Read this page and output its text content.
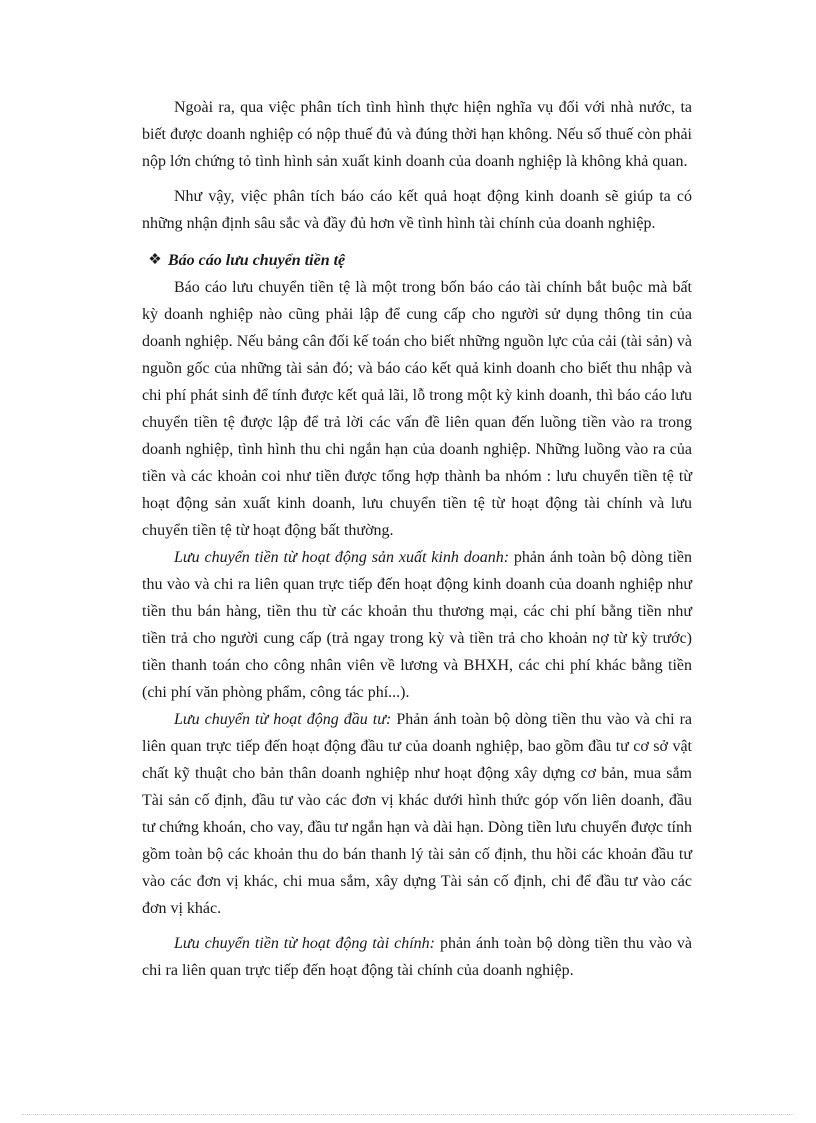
Ngoài ra, qua việc phân tích tình hình thực hiện nghĩa vụ đối với nhà nước, ta biết được doanh nghiệp có nộp thuế đủ và đúng thời hạn không. Nếu số thuế còn phải nộp lớn chứng tỏ tình hình sản xuất kinh doanh của doanh nghiệp là không khả quan.

Như vậy, việc phân tích báo cáo kết quả hoạt động kinh doanh sẽ giúp ta có những nhận định sâu sắc và đầy đủ hơn về tình hình tài chính của doanh nghiệp.

❖ Báo cáo lưu chuyển tiền tệ

Báo cáo lưu chuyển tiền tệ là một trong bốn báo cáo tài chính bắt buộc mà bất kỳ doanh nghiệp nào cũng phải lập để cung cấp cho người sử dụng thông tin của doanh nghiệp. Nếu bảng cân đối kế toán cho biết những nguồn lực của cải (tài sản) và nguồn gốc của những tài sản đó; và báo cáo kết quả kinh doanh cho biết thu nhập và chi phí phát sinh để tính được kết quả lãi, lỗ trong một kỳ kinh doanh, thì báo cáo lưu chuyển tiền tệ được lập để trả lời các vấn đề liên quan đến luồng tiền vào ra trong doanh nghiệp, tình hình thu chi ngắn hạn của doanh nghiệp. Những luồng vào ra của tiền và các khoản coi như tiền được tổng hợp thành ba nhóm : lưu chuyển tiền tệ từ hoạt động sản xuất kinh doanh, lưu chuyển tiền tệ từ hoạt động tài chính và lưu chuyển tiền tệ từ hoạt động bất thường.

Lưu chuyển tiền từ hoạt động sản xuất kinh doanh: phản ánh toàn bộ dòng tiền thu vào và chi ra liên quan trực tiếp đến hoạt động kinh doanh của doanh nghiệp như tiền thu bán hàng, tiền thu từ các khoản thu thương mại, các chi phí bằng tiền như tiền trả cho người cung cấp (trả ngay trong kỳ và tiền trả cho khoản nợ từ kỳ trước) tiền thanh toán cho công nhân viên về lương và BHXH, các chi phí khác bằng tiền (chi phí văn phòng phẩm, công tác phí...).

Lưu chuyển từ hoạt động đầu tư: Phản ánh toàn bộ dòng tiền thu vào và chi ra liên quan trực tiếp đến hoạt động đầu tư của doanh nghiệp, bao gồm đầu tư cơ sở vật chất kỹ thuật cho bản thân doanh nghiệp như hoạt động xây dựng cơ bản, mua sắm Tài sản cố định, đầu tư vào các đơn vị khác dưới hình thức góp vốn liên doanh, đầu tư chứng khoán, cho vay, đầu tư ngắn hạn và dài hạn. Dòng tiền lưu chuyển được tính gồm toàn bộ các khoản thu do bán thanh lý tài sản cố định, thu hồi các khoản đầu tư vào các đơn vị khác, chi mua sắm, xây dựng Tài sản cố định, chi để đầu tư vào các đơn vị khác.

Lưu chuyển tiền từ hoạt động tài chính: phản ánh toàn bộ dòng tiền thu vào và chi ra liên quan trực tiếp đến hoạt động tài chính của doanh nghiệp.
